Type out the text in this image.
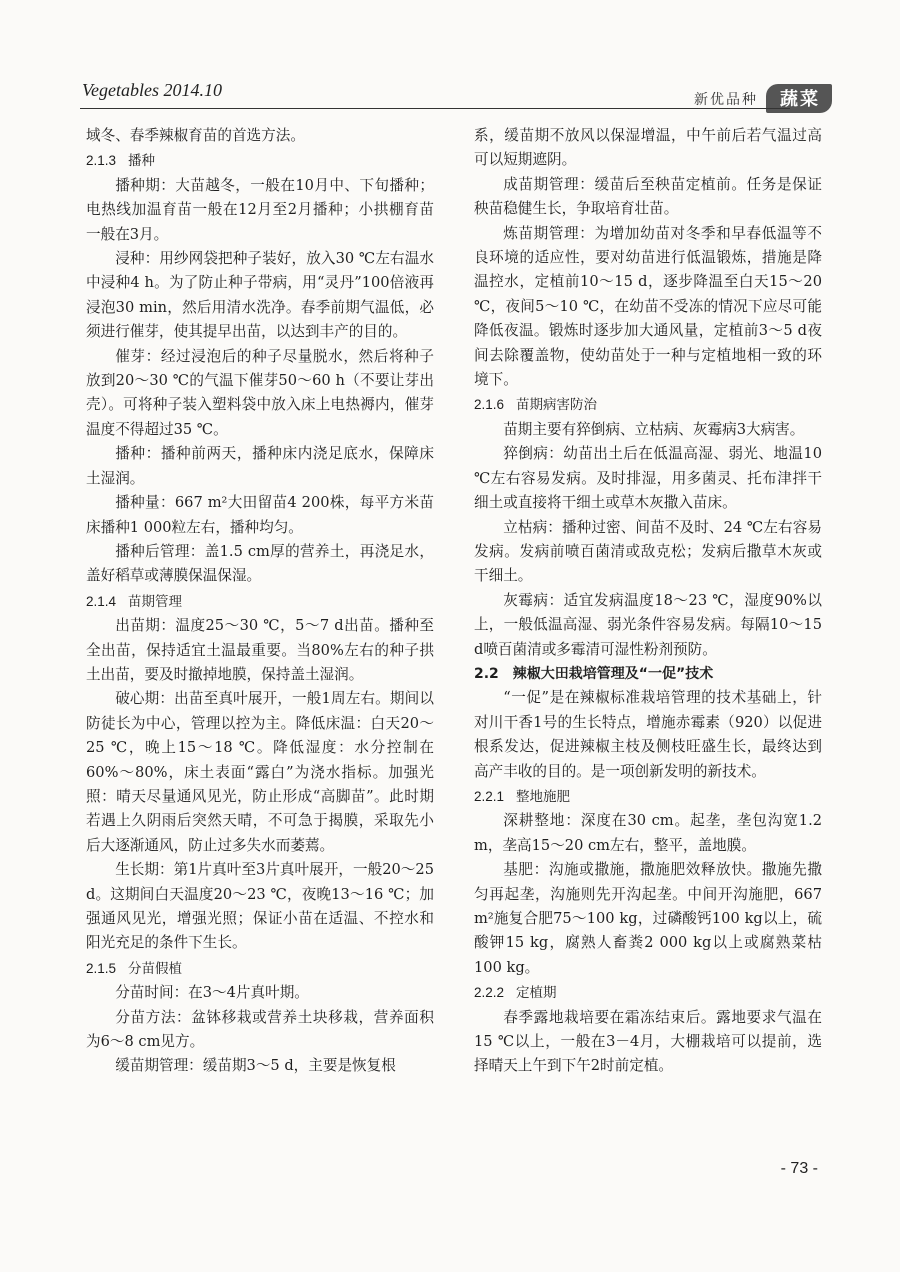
Vegetables 2014.10	新优品种	蔬菜

域冬、春季辣椒育苗的首选方法。

2.1.3 播种

播种期：大苗越冬，一般在10月中、下旬播种；电热线加温育苗一般在12月至2月播种；小拱棚育苗一般在3月。

浸种：用纱网袋把种子装好，放入30 ℃左右温水中浸种4 h。为了防止种子带病，用“灵丹”100倍液再浸泡30 min，然后用清水洗净。春季前期气温低，必须进行催芽，使其提早出苗，以达到丰产的目的。

催芽：经过浸泡后的种子尽量脱水，然后将种子放到20～30 ℃的气温下催芽50～60 h（不要让芽出壳）。可将种子装入塑料袋中放入床上电热褥内，催芽温度不得超过35 ℃。

播种：播种前两天，播种床内浇足底水，保障床土湿润。

播种量：667 m²大田留苗4 200株，每平方米苗床播种1 000粒左右，播种均匀。

播种后管理：盖1.5 cm厚的营养土，再浇足水，盖好稻草或薄膜保温保湿。

2.1.4 苗期管理

出苗期：温度25～30 ℃，5～7 d出苗。播种至全出苗，保持适宜土温最重要。当80%左右的种子拱土出苗，要及时撤掉地膜，保持盖土湿润。

破心期：出苗至真叶展开，一般1周左右。期间以防徒长为中心，管理以控为主。降低床温：白天20～25 ℃，晚上15～18 ℃。降低湿度：水分控制在60%～80%，床土表面“露白”为浇水指标。加强光照：晴天尽量通风见光，防止形成“高脚苗”。此时期若遇上久阴雨后突然天晴，不可急于揭膜，采取先小后大逐渐通风，防止过多失水而萎蔫。

生长期：第1片真叶至3片真叶展开，一般20～25 d。这期间白天温度20～23 ℃，夜晚13～16 ℃；加强通风见光，增强光照；保证小苗在适温、不控水和阳光充足的条件下生长。

2.1.5 分苗假植

分苗时间：在3～4片真叶期。

分苗方法：盆钵移栽或营养土块移栽，营养面积为6～8 cm见方。

缓苗期管理：缓苗期3～5 d，主要是恢复根

系，缓苗期不放风以保湿增温，中午前后若气温过高可以短期遮阴。

成苗期管理：缓苗后至秧苗定植前。任务是保证秧苗稳健生长，争取培育壮苗。

炼苗期管理：为增加幼苗对冬季和早春低温等不良环境的适应性，要对幼苗进行低温锻炼，措施是降温控水，定植前10～15 d，逐步降温至白天15～20 ℃，夜间5～10 ℃，在幼苗不受冻的情况下应尽可能降低夜温。锻炼时逐步加大通风量，定植前3～5 d夜间去除覆盖物，使幼苗处于一种与定植地相一致的环境下。

2.1.6 苗期病害防治

苗期主要有猝倒病、立枯病、灰霉病3大病害。

猝倒病：幼苗出土后在低温高湿、弱光、地温10 ℃左右容易发病。及时排湿，用多菌灵、托布津拌干细土或直接将干细土或草木灰撒入苗床。

立枯病：播种过密、间苗不及时、24 ℃左右容易发病。发病前喷百菌清或敌克松；发病后撒草木灰或干细土。

灰霉病：适宜发病温度18～23 ℃，湿度90%以上，一般低温高湿、弱光条件容易发病。每隔10～15 d喷百菌清或多霉清可湿性粉剂预防。

2.2　辣椒大田栽培管理及“一促”技术

“一促”是在辣椒标准栽培管理的技术基础上，针对川干香1号的生长特点，增施赤霉素（920）以促进根系发达，促进辣椒主枝及侧枝旺盛生长，最终达到高产丰收的目的。是一项创新发明的新技术。

2.2.1 整地施肥

深耕整地：深度在30 cm。起垄，垄包沟宽1.2 m，垄高15～20 cm左右，整平，盖地膜。

基肥：沟施或撒施，撒施肥效释放快。撒施先撒匀再起垄，沟施则先开沟起垄。中间开沟施肥，667 m²施复合肥75～100 kg，过磷酸钙100 kg以上，硫酸钾15 kg，腐熟人畜粪2 000 kg以上或腐熟菜枯100 kg。

2.2.2 定植期

春季露地栽培要在霜冻结束后。露地要求气温在15 ℃以上，一般在3－4月，大棚栽培可以提前，选择晴天上午到下午2时前定植。

- 73 -
